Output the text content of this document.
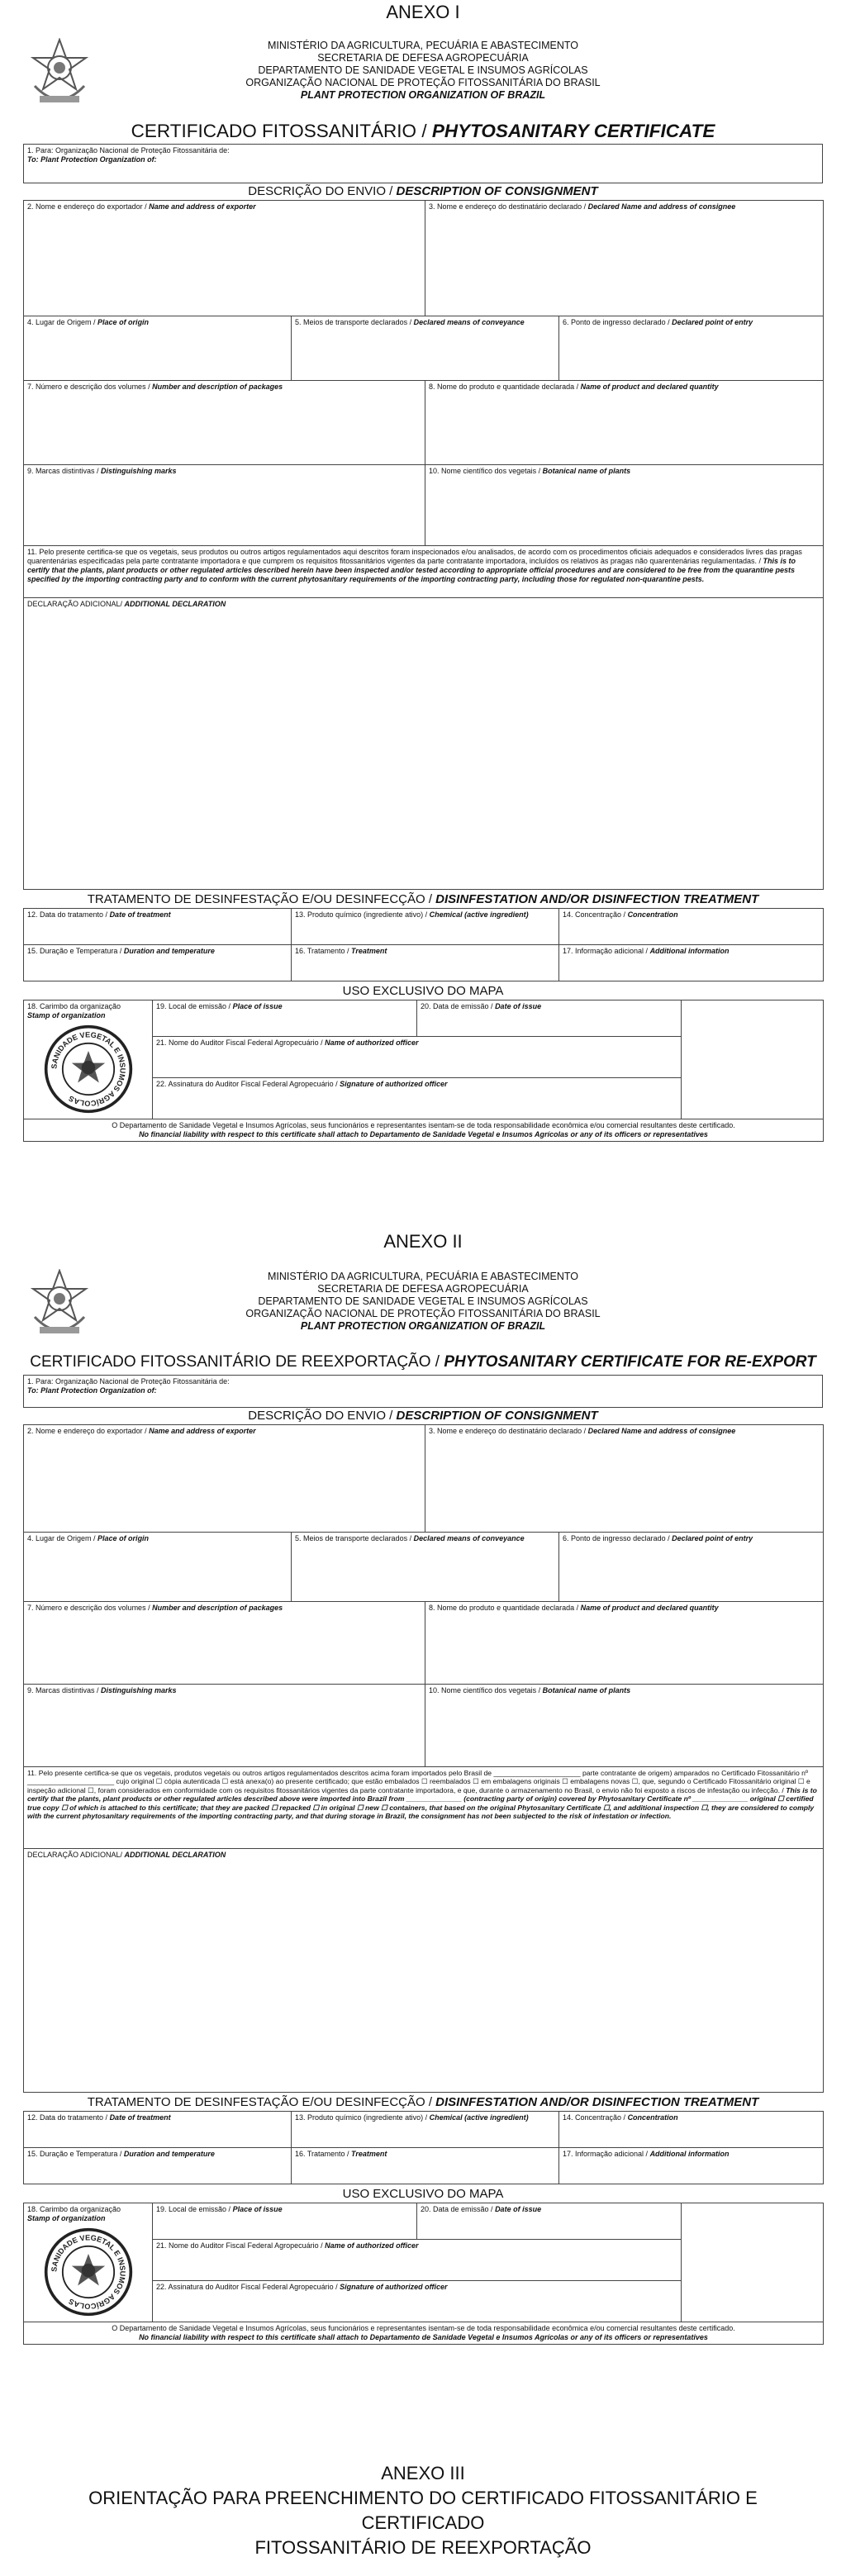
ANEXO I
MINISTÉRIO DA AGRICULTURA, PECUÁRIA E ABASTECIMENTO
SECRETARIA DE DEFESA AGROPECUÁRIA
DEPARTAMENTO DE SANIDADE VEGETAL E INSUMOS AGRÍCOLAS
ORGANIZAÇÃO NACIONAL DE PROTEÇÃO FITOSSANITÁRIA DO BRASIL
PLANT PROTECTION ORGANIZATION OF BRAZIL
CERTIFICADO FITOSSANITÁRIO / PHYTOSANITARY CERTIFICATE
1. Para: Organização Nacional de Proteção Fitossanitária de:
To: Plant Protection Organization of:
DESCRIÇÃO DO ENVIO / DESCRIPTION OF CONSIGNMENT
2. Nome e endereço do exportador / Name and address of exporter		3. Nome e endereço do destinatário declarado / Declared Name and address of consignee	
4. Lugar de Origem / Place of origin	5. Meios de transporte declarados / Declared means of conveyance		6. Ponto de ingresso declarado / Declared point of entry
7. Número e descrição dos volumes / Number and description of packages		8. Nome do produto e quantidade declarada / Name of product and declared quantity	
9. Marcas distintivas / Distinguishing marks		10. Nome científico dos vegetais / Botanical name of plants	
11. Pelo presente certifica-se que os vegetais, seus produtos ou outros artigos regulamentados aqui descritos foram inspecionados e/ou analisados, de acordo com os procedimentos oficiais adequados e considerados livres das pragas quarentenárias especificadas pela parte contratante importadora e que cumprem os requisitos fitossanitários vigentes da parte contratante importadora, incluídos os relativos às pragas não quarentenárias regulamentadas. / This is to certify that the plants, plant products or other regulated articles described herein have been inspected and/or tested according to appropriate official procedures and are considered to be free from the quarantine pests specified by the importing contracting party and to conform with the current phytosanitary requirements of the importing contracting party, including those for regulated non-quarantine pests.			
DECLARAÇÃO ADICIONAL/ ADDITIONAL DECLARATION			
TRATAMENTO DE DESINFESTAÇÃO E/OU DESINFECÇÃO / DISINFESTATION AND/OR DISINFECTION TREATMENT
12. Data do tratamento / Date of treatment	13. Produto químico (ingrediente ativo) / Chemical (active ingredient)	14. Concentração / Concentration
15. Duração e Temperatura / Duration and temperature	16. Tratamento / Treatment	17. Informação adicional / Additional information
USO EXCLUSIVO DO MAPA
18. Carimbo da organização
Stamp of organization
SANIDADE VEGETAL E INSUMOS AGRÍCOLAS
	19. Local de emissão / Place of issue	20. Data de emissão / Date of issue	
21. Nome do Auditor Fiscal Federal Agropecuário / Name of authorized officer
22. Assinatura do Auditor Fiscal Federal Agropecuário / Signature of authorized officer
O Departamento de Sanidade Vegetal e Insumos Agrícolas, seus funcionários e representantes isentam-se de toda responsabilidade econômica e/ou comercial resultantes deste certificado.
No financial liability with respect to this certificate shall attach to Departamento de Sanidade Vegetal e Insumos Agrícolas or any of its officers or representatives
ANEXO II
MINISTÉRIO DA AGRICULTURA, PECUÁRIA E ABASTECIMENTO
SECRETARIA DE DEFESA AGROPECUÁRIA
DEPARTAMENTO DE SANIDADE VEGETAL E INSUMOS AGRÍCOLAS
ORGANIZAÇÃO NACIONAL DE PROTEÇÃO FITOSSANITÁRIA DO BRASIL
PLANT PROTECTION ORGANIZATION OF BRAZIL
CERTIFICADO FITOSSANITÁRIO DE REEXPORTAÇÃO / PHYTOSANITARY CERTIFICATE FOR RE-EXPORT
1. Para: Organização Nacional de Proteção Fitossanitária de:
To: Plant Protection Organization of:
DESCRIÇÃO DO ENVIO / DESCRIPTION OF CONSIGNMENT
2. Nome e endereço do exportador / Name and address of exporter		3. Nome e endereço do destinatário declarado / Declared Name and address of consignee	
4. Lugar de Origem / Place of origin	5. Meios de transporte declarados / Declared means of conveyance		6. Ponto de ingresso declarado / Declared point of entry
7. Número e descrição dos volumes / Number and description of packages		8. Nome do produto e quantidade declarada / Name of product and declared quantity	
9. Marcas distintivas / Distinguishing marks		10. Nome científico dos vegetais / Botanical name of plants	
11. Pelo presente certifica-se que os vegetais, produtos vegetais ou outros artigos regulamentados descritos acima foram importados pelo Brasil de ______________________ parte contratante de origem) amparados no Certificado Fitossanitário nº ______________________ cujo original ☐ cópia autenticada ☐ está anexa(o) ao presente certificado; que estão embalados ☐ reembalados ☐ em embalagens originais ☐ embalagens novas ☐, que, segundo o Certificado Fitossanitário original ☐ e inspeção adicional ☐, foram considerados em conformidade com os requisitos fitossanitários vigentes da parte contratante importadora, e que, durante o armazenamento no Brasil, o envio não foi exposto a riscos de infestação ou infecção. / This is to certify that the plants, plant products or other regulated articles described above were imported into Brazil from ______________ (contracting party of origin) covered by Phytosanitary Certificate nº ______________ original ☐ certified true copy ☐ of which is attached to this certificate; that they are packed ☐ repacked ☐ in original ☐ new ☐ containers, that based on the original Phytosanitary Certificate ☐, and additional inspection ☐, they are considered to comply with the current phytosanitary requirements of the importing contracting party, and that during storage in Brazil, the consignment has not been subjected to the risk of infestation or infection.			
DECLARAÇÃO ADICIONAL/ ADDITIONAL DECLARATION			
TRATAMENTO DE DESINFESTAÇÃO E/OU DESINFECÇÃO / DISINFESTATION AND/OR DISINFECTION TREATMENT
12. Data do tratamento / Date of treatment	13. Produto químico (ingrediente ativo) / Chemical (active ingredient)	14. Concentração / Concentration
15. Duração e Temperatura / Duration and temperature	16. Tratamento / Treatment	17. Informação adicional / Additional information
USO EXCLUSIVO DO MAPA
18. Carimbo da organização
Stamp of organization
SANIDADE VEGETAL E INSUMOS AGRÍCOLAS
	19. Local de emissão / Place of issue	20. Data de emissão / Date of issue	
21. Nome do Auditor Fiscal Federal Agropecuário / Name of authorized officer
22. Assinatura do Auditor Fiscal Federal Agropecuário / Signature of authorized officer
O Departamento de Sanidade Vegetal e Insumos Agrícolas, seus funcionários e representantes isentam-se de toda responsabilidade econômica e/ou comercial resultantes deste certificado.
No financial liability with respect to this certificate shall attach to Departamento de Sanidade Vegetal e Insumos Agrícolas or any of its officers or representatives
ANEXO III
ORIENTAÇÃO PARA PREENCHIMENTO DO CERTIFICADO FITOSSANITÁRIO E
CERTIFICADO
FITOSSANITÁRIO DE REEXPORTAÇÃO
